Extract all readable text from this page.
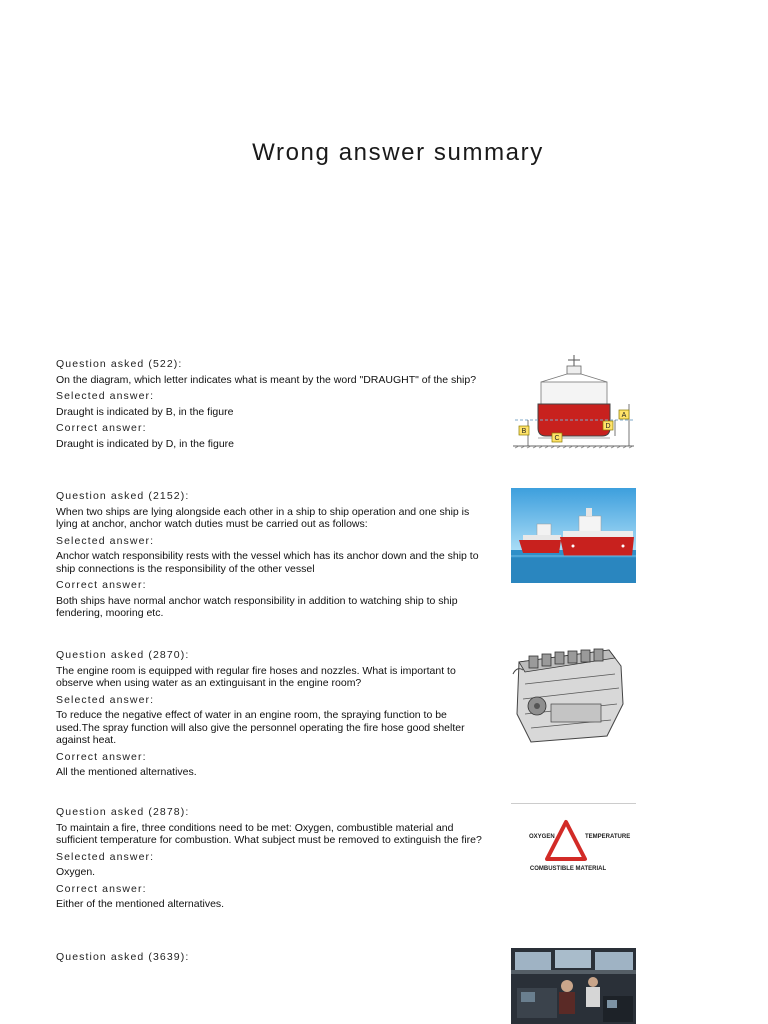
Wrong answer summary
Question asked (522):
On the diagram, which letter indicates what is meant by the word "DRAUGHT" of the ship?
Selected answer:
Draught is indicated by B, in the figure
Correct answer:
Draught is indicated by D, in the figure
A
B
C
D
Question asked (2152):
When two ships are lying alongside each other in a ship to ship operation and one ship is lying at anchor, anchor watch duties must be carried out as follows:
Selected answer:
Anchor watch responsibility rests with the vessel which has its anchor down and the ship to ship connections is the responsibility of the other vessel
Correct answer:
Both ships have normal anchor watch responsibility in addition to watching ship to ship fendering, mooring etc.
Question asked (2870):
The engine room is equipped with regular fire hoses and nozzles. What is important to observe when using water as an extinguisant in the engine room?
Selected answer:
To reduce the negative effect of water in an engine room, the spraying function to be used.The spray function will also give the personnel operating the fire hose good shelter against heat.
Correct answer:
All the mentioned alternatives.
Question asked (2878):
To maintain a fire, three conditions need to be met: Oxygen, combustible material and sufficient temperature for combustion. What subject must be removed to extinguish the fire?
Selected answer:
Oxygen.
Correct answer:
Either of the mentioned alternatives.
OXYGEN	TEMPERATURE
COMBUSTIBLE MATERIAL
Question asked (3639):
